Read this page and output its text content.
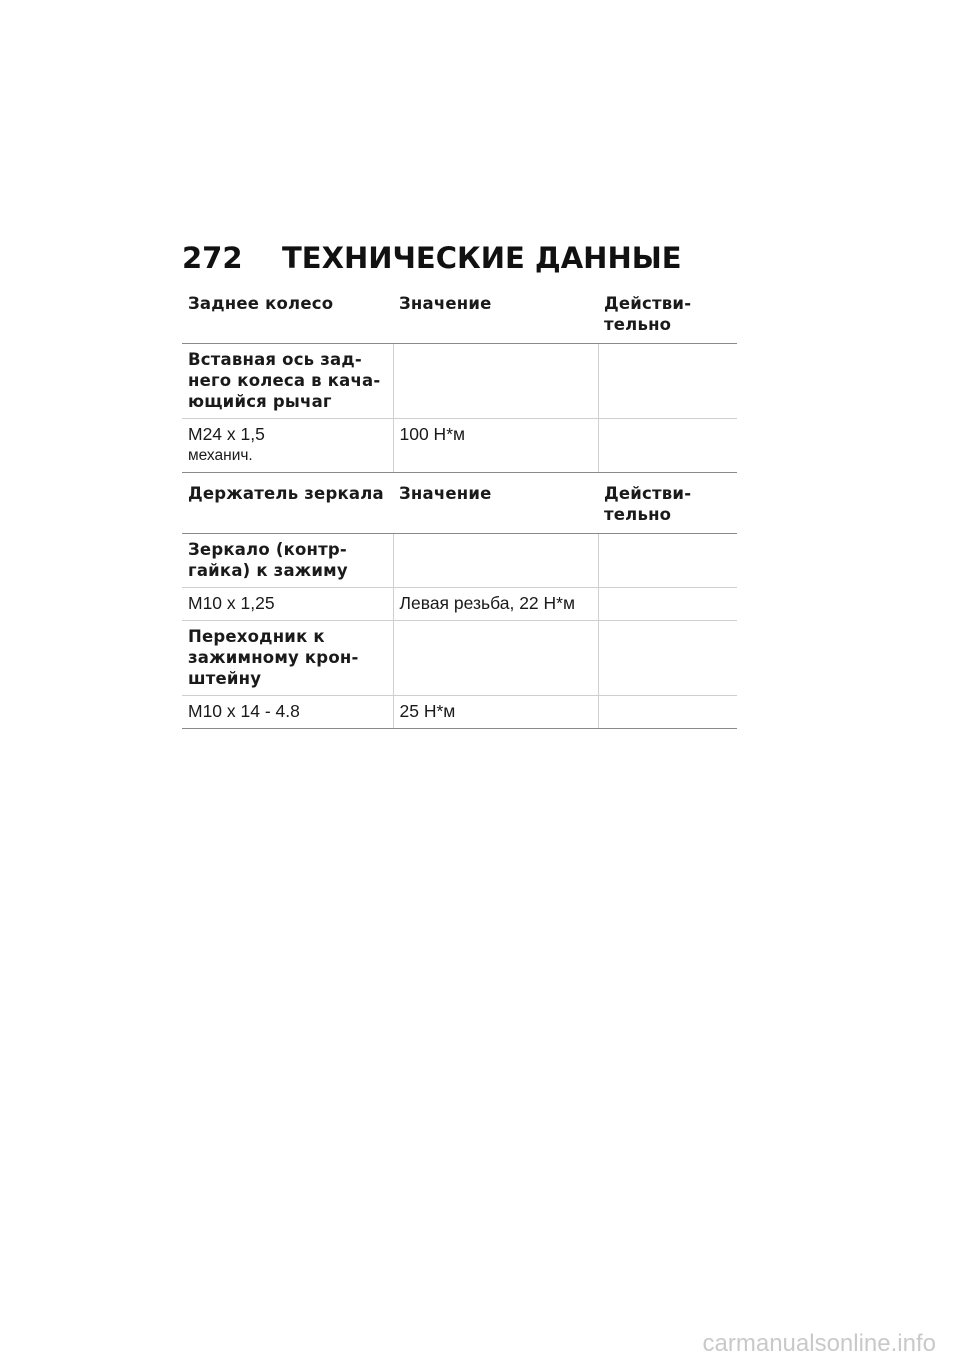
272 ТЕХНИЧЕСКИЕ ДАННЫЕ
Заднее колесо	Значение	Действи-
тельно

Вставная ось зад-
него колеса в кача-
ющийся рычаг		

M24 x 1,5
механич.	100 Н*м	
Держатель зеркала	Значение	Действи-
тельно

Зеркало (контр-
гайка) к зажиму		

M10 x 1,25	Левая резьба, 22 Н*м	

Переходник к
зажимному крон-
штейну		

M10 x 14 - 4.8	25 Н*м	
carmanualsonline.info
